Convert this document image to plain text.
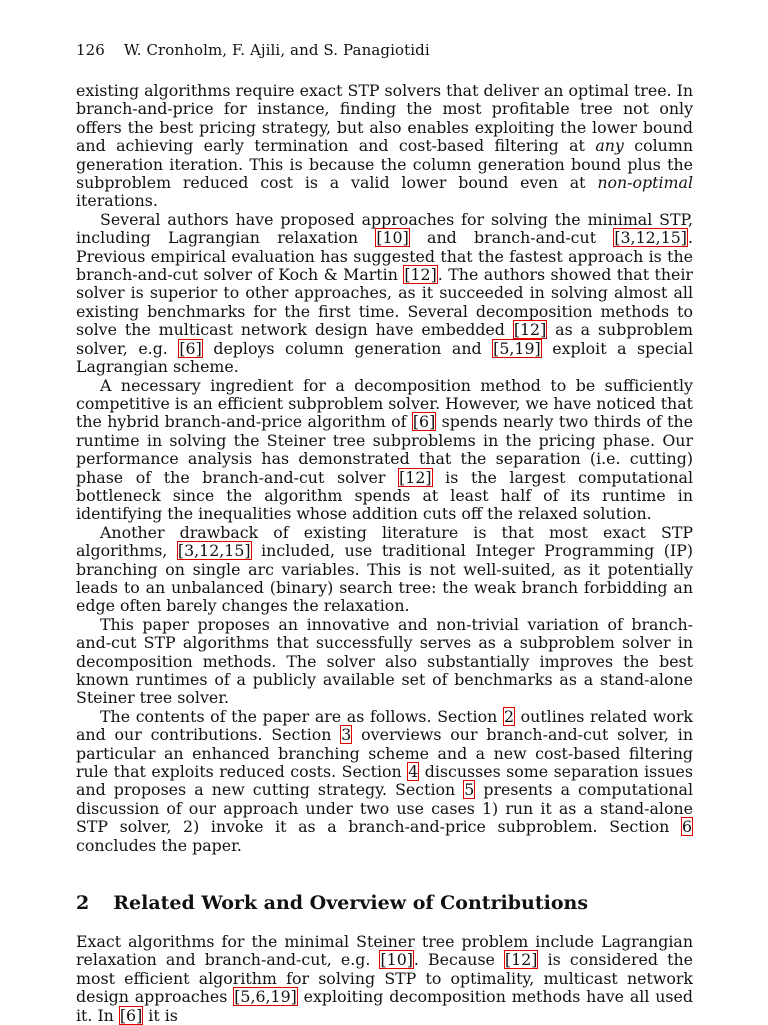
126 W. Cronholm, F. Ajili, and S. Panagiotidi

existing algorithms require exact STP solvers that deliver an optimal tree. In branch-and-price for instance, finding the most profitable tree not only offers the best pricing strategy, but also enables exploiting the lower bound and achieving early termination and cost-based filtering at any column generation iteration. This is because the column generation bound plus the subproblem reduced cost is a valid lower bound even at non-optimal iterations.

Several authors have proposed approaches for solving the minimal STP, including Lagrangian relaxation [10] and branch-and-cut [3,12,15]. Previous empirical evaluation has suggested that the fastest approach is the branch-and-cut solver of Koch & Martin [12]. The authors showed that their solver is superior to other approaches, as it succeeded in solving almost all existing benchmarks for the first time. Several decomposition methods to solve the multicast network design have embedded [12] as a subproblem solver, e.g. [6] deploys column generation and [5,19] exploit a special Lagrangian scheme.

A necessary ingredient for a decomposition method to be sufficiently competitive is an efficient subproblem solver. However, we have noticed that the hybrid branch-and-price algorithm of [6] spends nearly two thirds of the runtime in solving the Steiner tree subproblems in the pricing phase. Our performance analysis has demonstrated that the separation (i.e. cutting) phase of the branch-and-cut solver [12] is the largest computational bottleneck since the algorithm spends at least half of its runtime in identifying the inequalities whose addition cuts off the relaxed solution.

Another drawback of existing literature is that most exact STP algorithms, [3,12,15] included, use traditional Integer Programming (IP) branching on single arc variables. This is not well-suited, as it potentially leads to an unbalanced (binary) search tree: the weak branch forbidding an edge often barely changes the relaxation.

This paper proposes an innovative and non-trivial variation of branch-and-cut STP algorithms that successfully serves as a subproblem solver in decomposition methods. The solver also substantially improves the best known runtimes of a publicly available set of benchmarks as a stand-alone Steiner tree solver.

The contents of the paper are as follows. Section 2 outlines related work and our contributions. Section 3 overviews our branch-and-cut solver, in particular an enhanced branching scheme and a new cost-based filtering rule that exploits reduced costs. Section 4 discusses some separation issues and proposes a new cutting strategy. Section 5 presents a computational discussion of our approach under two use cases 1) run it as a stand-alone STP solver, 2) invoke it as a branch-and-price subproblem. Section 6 concludes the paper.

2 Related Work and Overview of Contributions

Exact algorithms for the minimal Steiner tree problem include Lagrangian relaxation and branch-and-cut, e.g. [10]. Because [12] is considered the most efficient algorithm for solving STP to optimality, multicast network design approaches [5,6,19] exploiting decomposition methods have all used it. In [6] it is
